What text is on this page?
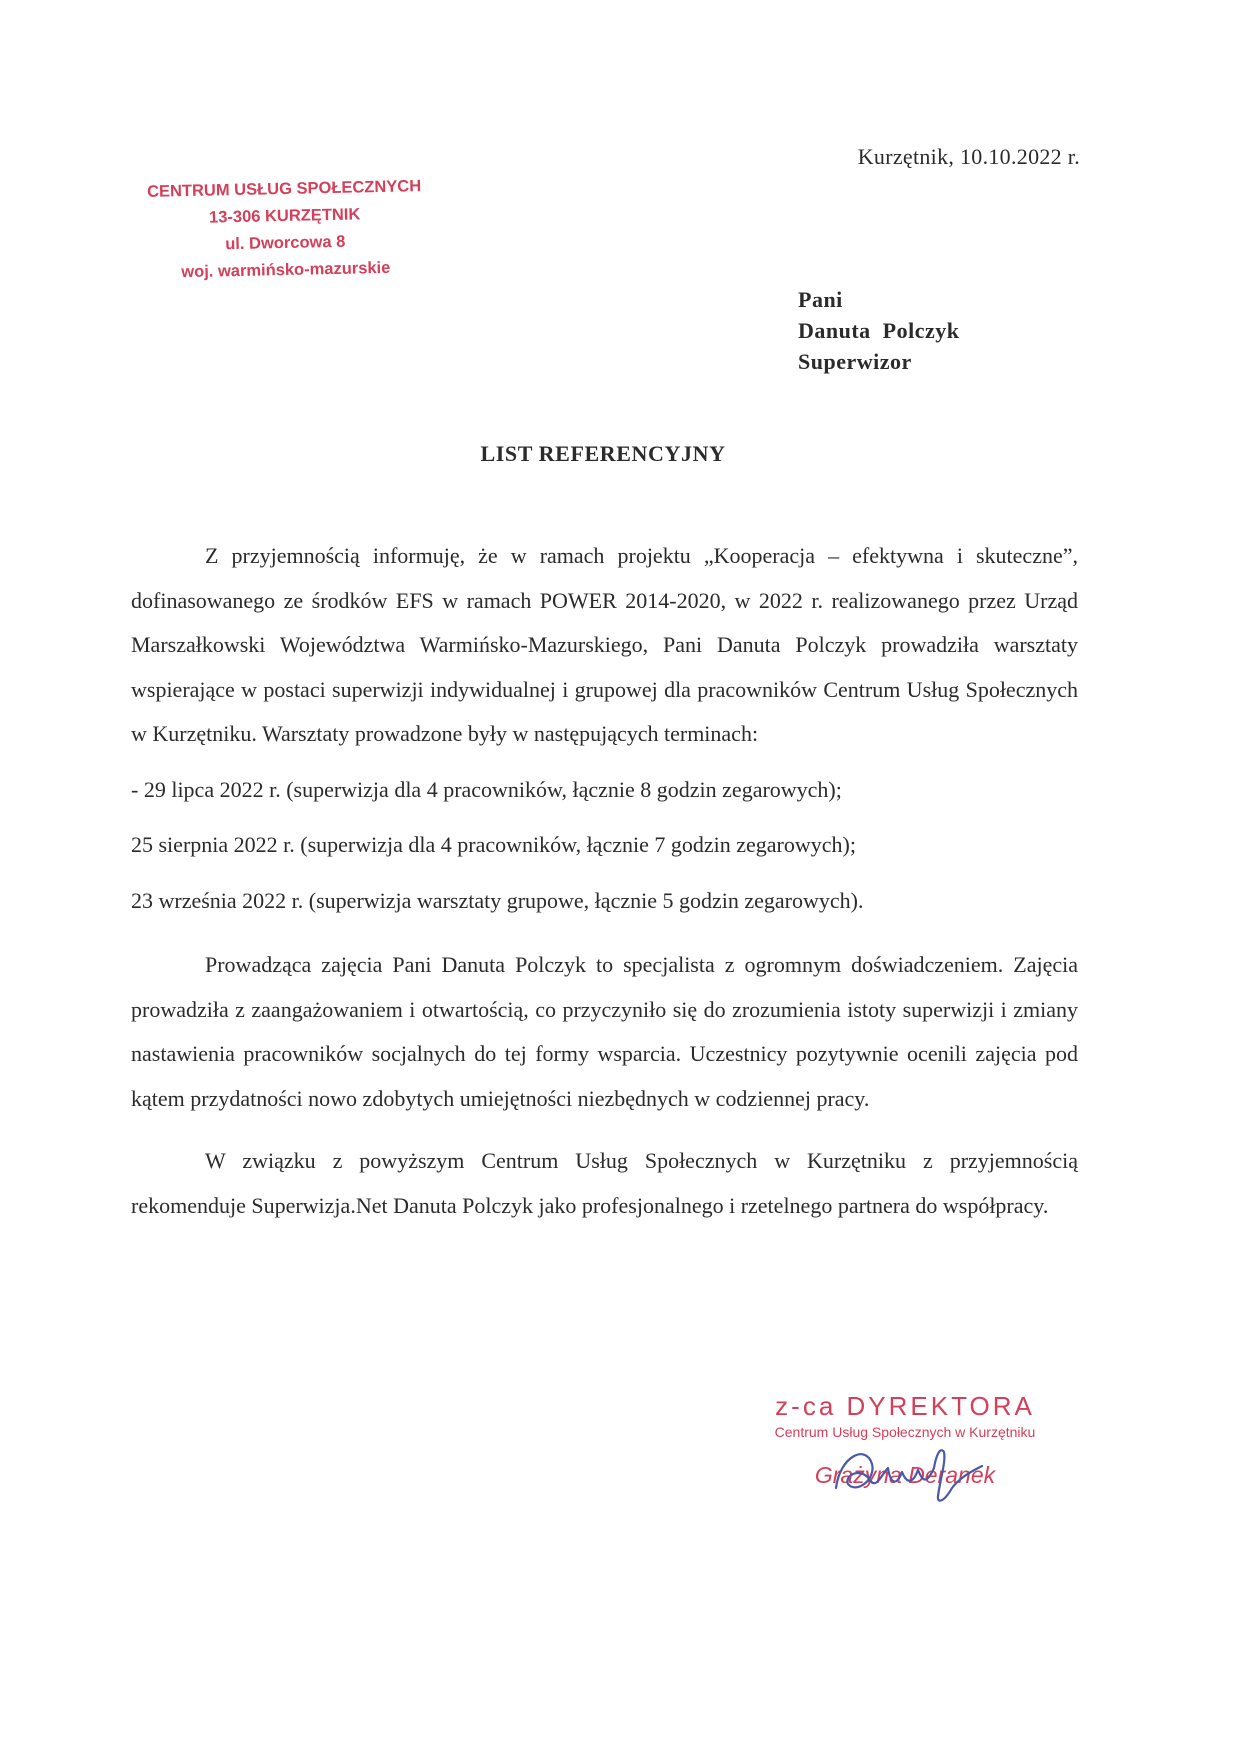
Kurzętnik, 10.10.2022 r.
CENTRUM USŁUG SPOŁECZNYCH
13-306 KURZĘTNIK
ul. Dworcowa 8
woj. warmińsko-mazurskie
Pani
Danuta  Polczyk
Superwizor
LIST REFERENCYJNY

Z przyjemnością informuję, że w ramach projektu „Kooperacja – efektywna i skuteczne”, dofinasowanego ze środków EFS w ramach POWER 2014-2020, w 2022 r. realizowanego przez Urząd Marszałkowski Województwa Warmińsko-Mazurskiego, Pani Danuta Polczyk prowadziła warsztaty wspierające w postaci superwizji indywidualnej i grupowej dla pracowników Centrum Usług Społecznych w Kurzętniku. Warsztaty prowadzone były w następujących terminach:

- 29 lipca 2022 r. (superwizja dla 4 pracowników, łącznie 8 godzin zegarowych);

25 sierpnia 2022 r. (superwizja dla 4 pracowników, łącznie 7 godzin zegarowych);

23 września 2022 r. (superwizja warsztaty grupowe, łącznie 5 godzin zegarowych).

Prowadząca zajęcia Pani Danuta Polczyk to specjalista z ogromnym doświadczeniem. Zajęcia prowadziła z zaangażowaniem i otwartością, co przyczyniło się do zrozumienia istoty superwizji i zmiany nastawienia pracowników socjalnych do tej formy wsparcia. Uczestnicy pozytywnie ocenili zajęcia pod kątem przydatności nowo zdobytych umiejętności niezbędnych w codziennej pracy.

W związku z powyższym Centrum Usług Społecznych w Kurzętniku z przyjemnością rekomenduje Superwizja.Net Danuta Polczyk jako profesjonalnego i rzetelnego partnera do współpracy.

z-ca DYREKTORA
Centrum Usług Społecznych w Kurzętniku
Grażyna Deranek
